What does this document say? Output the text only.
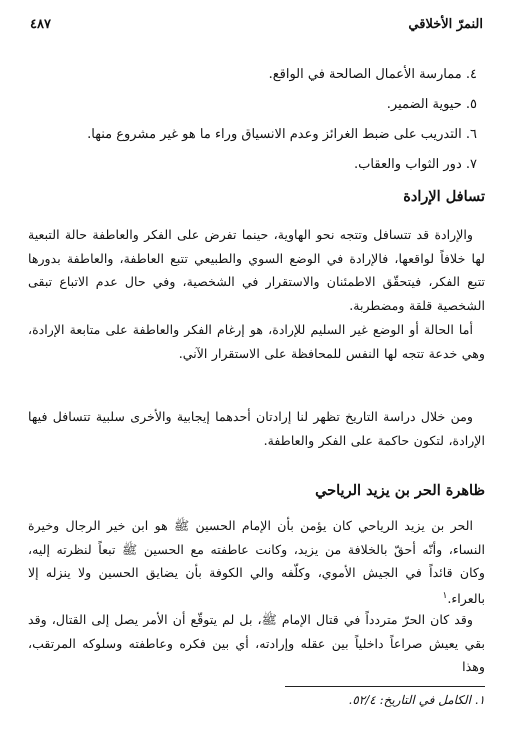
النمرّ الأخلاقي
٤٨٧
٤. ممارسة الأعمال الصالحة في الواقع.
٥. حيوية الضمير.
٦. التدريب على ضبط الغرائز وعدم الانسياق وراء ما هو غير مشروع منها.
٧. دور الثواب والعقاب.
تسافل الإرادة

والإرادة قد تتسافل وتتجه نحو الهاوية، حينما تفرض على الفكر والعاطفة حالة التبعية لها خلافاً لواقعها، فالإرادة في الوضع السوي والطبيعي تتبع العاطفة، والعاطفة بدورها تتبع الفكر، فيتحقّق الاطمئنان والاستقرار في الشخصية، وفي حال عدم الاتباع تبقى الشخصية قلقة ومضطربة.

أما الحالة أو الوضع غير السليم للإرادة، هو إرغام الفكر والعاطفة على متابعة الإرادة، وهي خدعة تتجه لها النفس للمحافظة على الاستقرار الآني.

ومن خلال دراسة التاريخ تظهر لنا إرادتان أحدهما إيجابية والأخرى سلبية تتسافل فيها الإرادة، لتكون حاكمة على الفكر والعاطفة.

ظاهرة الحر بن يزيد الرياحي

الحر بن يزيد الرياحي كان يؤمن بأن الإمام الحسين ﷺ هو ابن خير الرجال وخيرة النساء، وأنّه أحقّ بالخلافة من يزيد، وكانت عاطفته مع الحسين ﷺ تبعاً لنظرته إليه، وكان قائداً في الجيش الأموي، وكلّفه والي الكوفة بأن يضايق الحسين ولا ينزله إلا بالعراء.$^١$

وقد كان الحرّ متردداً في قتال الإمام ﷺ، بل لم يتوقّع أن الأمر يصل إلى القتال، وقد بقي يعيش صراعاً داخلياً بين عقله وإرادته، أي بين فكره وعاطفته وسلوكه المرتقب، وهذا

١. الكامل في التاريخ: ٥٢/٤.
